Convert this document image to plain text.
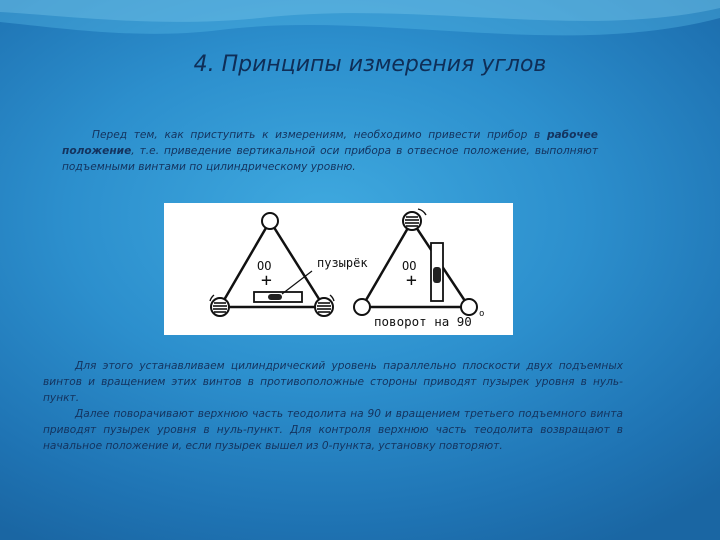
4. Принципы измерения углов

Перед тем, как приступить к измерениям, необходимо привести прибор в рабочее положение, т.е. приведение вертикальной оси прибора в отвесное положение, выполняют подъемными винтами по цилиндрическому уровню.

OO
+
пузырёк	OO
+
поворот на 90 o
Для этого устанавливаем цилиндрический уровень параллельно плоскости двух подъемных винтов и вращением этих винтов в противоположные стороны приводят пузырек уровня в нуль-пункт.
Далее поворачивают верхнюю часть теодолита на 90 и вращением третьего подъемного винта приводят пузырек уровня в нуль-пункт. Для контроля верхнюю часть теодолита возвращают в начальное положение и, если пузырек вышел из 0-пункта, установку повторяют.
